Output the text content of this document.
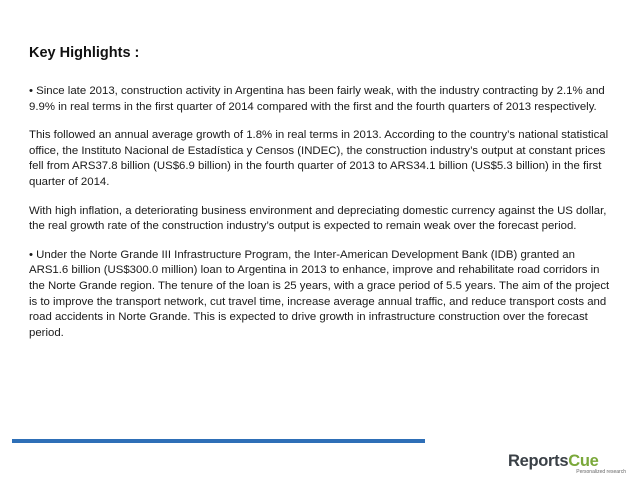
Key Highlights :

• Since late 2013, construction activity in Argentina has been fairly weak, with the industry contracting by 2.1% and 9.9% in real terms in the first quarter of 2014 compared with the first and the fourth quarters of 2013 respectively.

This followed an annual average growth of 1.8% in real terms in 2013. According to the country’s national statistical office, the Instituto Nacional de Estadística y Censos (INDEC), the construction industry’s output at constant prices fell from ARS37.8 billion (US$6.9 billion) in the fourth quarter of 2013 to ARS34.1 billion (US$5.3 billion) in the first quarter of 2014.

With high inflation, a deteriorating business environment and depreciating domestic currency against the US dollar, the real growth rate of the construction industry’s output is expected to remain weak over the forecast period.

• Under the Norte Grande III Infrastructure Program, the Inter-American Development Bank (IDB) granted an ARS1.6 billion (US$300.0 million) loan to Argentina in 2013 to enhance, improve and rehabilitate road corridors in the Norte Grande region. The tenure of the loan is 25 years, with a grace period of 5.5 years. The aim of the project is to improve the transport network, cut travel time, increase average annual traffic, and reduce transport costs and road accidents in Norte Grande. This is expected to drive growth in infrastructure construction over the forecast period.

ReportsCue
Personalized research
